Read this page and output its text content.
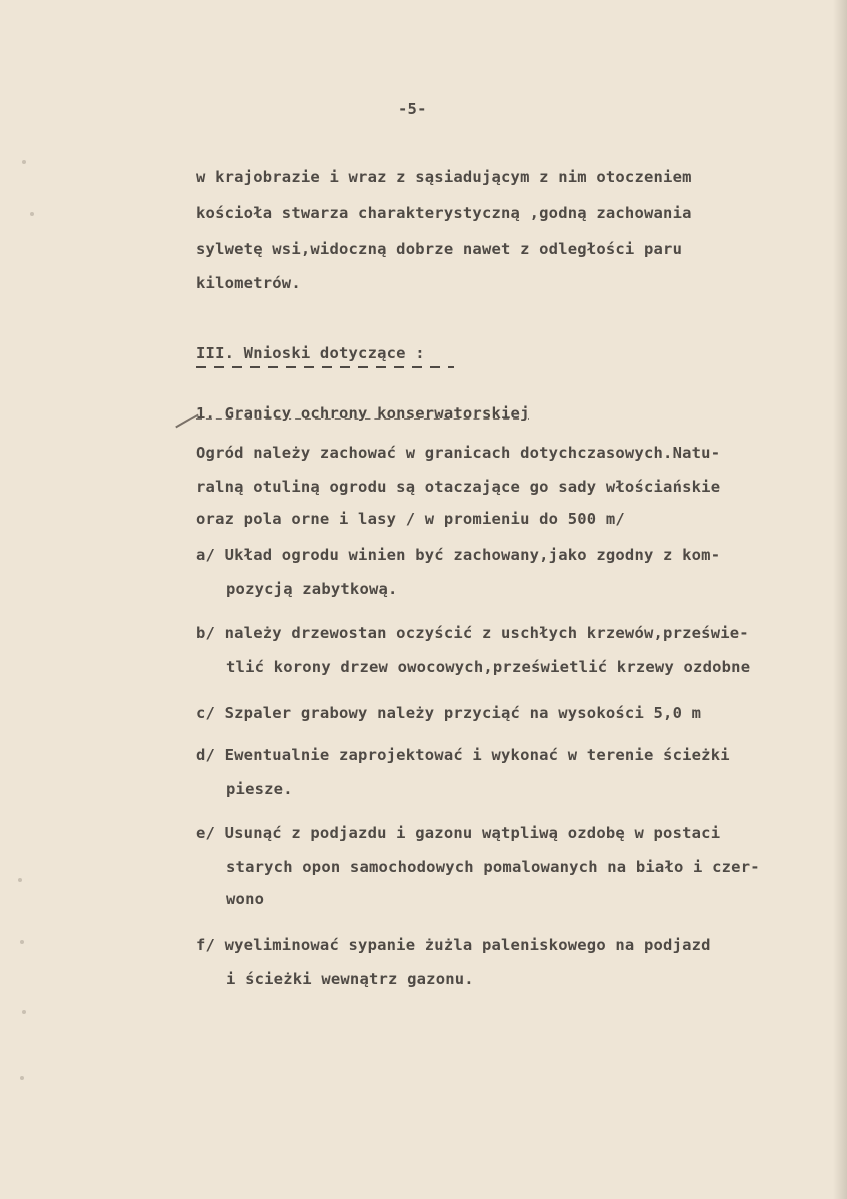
-5-
w krajobrazie i wraz z sąsiadującym z nim otoczeniem
kościoła stwarza charakterystyczną ,godną zachowania
sylwetę wsi,widoczną dobrze nawet z odległości paru
kilometrów.
III. Wnioski dotyczące :
1. Granicy ochrony konserwatorskiej
Ogród należy zachować w granicach dotychczasowych.Natu-
ralną otuliną ogrodu są otaczające go sady włościańskie
oraz pola orne i lasy / w promieniu do 500 m/
a/ Układ ogrodu winien być zachowany,jako zgodny z kom-
pozycją zabytkową.
b/ należy drzewostan oczyścić z uschłych krzewów,prześwie-
tlić korony drzew owocowych,prześwietlić krzewy ozdobne
c/ Szpaler grabowy należy przyciąć na wysokości 5,0 m
d/ Ewentualnie zaprojektować i wykonać w terenie ścieżki
piesze.
e/ Usunąć z podjazdu i gazonu wątpliwą ozdobę w postaci
starych opon samochodowych pomalowanych na biało i czer-
wono
f/ wyeliminować sypanie żużla paleniskowego na podjazd
i ścieżki wewnątrz gazonu.
